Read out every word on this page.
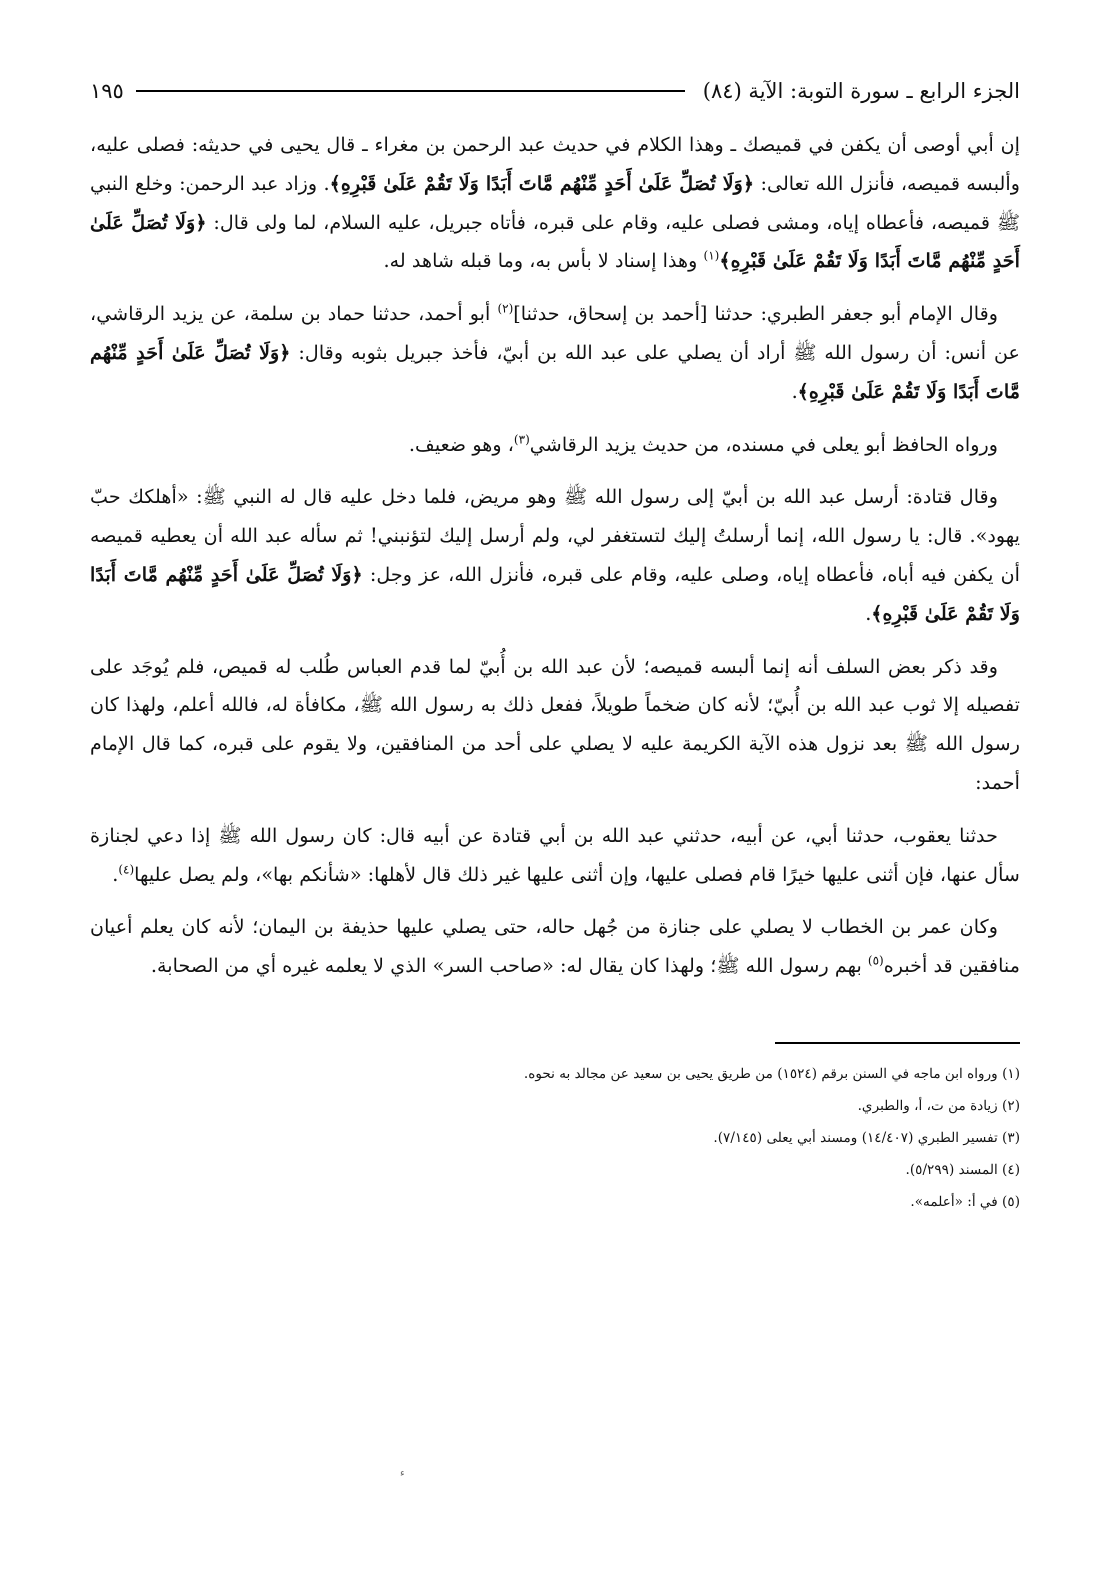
الجزء الرابع ـ سورة التوبة: الآية (٨٤)
١٩٥

إن أبي أوصى أن يكفن في قميصك ـ وهذا الكلام في حديث عبد الرحمن بن مغراء ـ قال يحيى في حديثه: فصلى عليه، وألبسه قميصه، فأنزل الله تعالى: ﴿وَلَا تُصَلِّ عَلَىٰ أَحَدٍ مِّنْهُم مَّاتَ أَبَدًا وَلَا تَقُمْ عَلَىٰ قَبْرِهِ﴾. وزاد عبد الرحمن: وخلع النبي ﷺ قميصه، فأعطاه إياه، ومشى فصلى عليه، وقام على قبره، فأتاه جبريل، عليه السلام، لما ولى قال: ﴿وَلَا تُصَلِّ عَلَىٰ أَحَدٍ مِّنْهُم مَّاتَ أَبَدًا وَلَا تَقُمْ عَلَىٰ قَبْرِهِ﴾$^{(١)}$ وهذا إسناد لا بأس به، وما قبله شاهد له.

وقال الإمام أبو جعفر الطبري: حدثنا [أحمد بن إسحاق، حدثنا]$^{(٢)}$ أبو أحمد، حدثنا حماد بن سلمة، عن يزيد الرقاشي، عن أنس: أن رسول الله ﷺ أراد أن يصلي على عبد الله بن أبيّ، فأخذ جبريل بثوبه وقال: ﴿وَلَا تُصَلِّ عَلَىٰ أَحَدٍ مِّنْهُم مَّاتَ أَبَدًا وَلَا تَقُمْ عَلَىٰ قَبْرِهِ﴾.

ورواه الحافظ أبو يعلى في مسنده، من حديث يزيد الرقاشي$^{(٣)}$، وهو ضعيف.

وقال قتادة: أرسل عبد الله بن أبيّ إلى رسول الله ﷺ وهو مريض، فلما دخل عليه قال له النبي ﷺ: «أهلكك حبّ يهود». قال: يا رسول الله، إنما أرسلتُ إليك لتستغفر لي، ولم أرسل إليك لتؤنبني! ثم سأله عبد الله أن يعطيه قميصه أن يكفن فيه أباه، فأعطاه إياه، وصلى عليه، وقام على قبره، فأنزل الله، عز وجل: ﴿وَلَا تُصَلِّ عَلَىٰ أَحَدٍ مِّنْهُم مَّاتَ أَبَدًا وَلَا تَقُمْ عَلَىٰ قَبْرِهِ﴾.

وقد ذكر بعض السلف أنه إنما ألبسه قميصه؛ لأن عبد الله بن أُبيّ لما قدم العباس طُلب له قميص، فلم يُوجَد على تفصيله إلا ثوب عبد الله بن أُبيّ؛ لأنه كان ضخماً طويلاً، ففعل ذلك به رسول الله ﷺ، مكافأة له، فالله أعلم، ولهذا كان رسول الله ﷺ بعد نزول هذه الآية الكريمة عليه لا يصلي على أحد من المنافقين، ولا يقوم على قبره، كما قال الإمام أحمد:

حدثنا يعقوب، حدثنا أبي، عن أبيه، حدثني عبد الله بن أبي قتادة عن أبيه قال: كان رسول الله ﷺ إذا دعي لجنازة سأل عنها، فإن أثنى عليها خيرًا قام فصلى عليها، وإن أثنى عليها غير ذلك قال لأهلها: «شأنكم بها»، ولم يصل عليها$^{(٤)}$.

وكان عمر بن الخطاب لا يصلي على جنازة من جُهل حاله، حتى يصلي عليها حذيفة بن اليمان؛ لأنه كان يعلم أعيان منافقين قد أخبره$^{(٥)}$ بهم رسول الله ﷺ؛ ولهذا كان يقال له: «صاحب السر» الذي لا يعلمه غيره أي من الصحابة.

(١) ورواه ابن ماجه في السنن برقم (١٥٢٤) من طريق يحيى بن سعيد عن مجالد به نحوه.

(٢) زيادة من ت، أ، والطبري.

(٣) تفسير الطبري (١٤/٤٠٧) ومسند أبي يعلى (٧/١٤٥).

(٤) المسند (٥/٢٩٩).

(٥) في أ: «أعلمه».

ء
